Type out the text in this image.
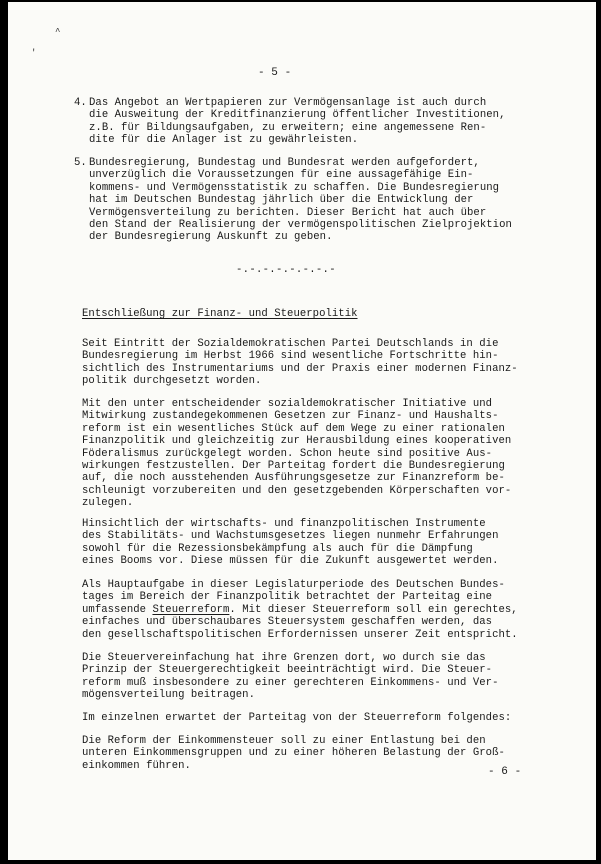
^
'
- 5 -
4. Das Angebot an Wertpapieren zur Vermögensanlage ist auch durch
die Ausweitung der Kreditfinanzierung öffentlicher Investitionen,
z.B. für Bildungsaufgaben, zu erweitern; eine angemessene Ren-
dite für die Anlager ist zu gewährleisten.
5. Bundesregierung, Bundestag und Bundesrat werden aufgefordert,
unverzüglich die Voraussetzungen für eine aussagefähige Ein-
kommens- und Vermögensstatistik zu schaffen. Die Bundesregierung
hat im Deutschen Bundestag jährlich über die Entwicklung der
Vermögensverteilung zu berichten. Dieser Bericht hat auch über
den Stand der Realisierung der vermögenspolitischen Zielprojektion
der Bundesregierung Auskunft zu geben.
-.-.-.-.-.-.-.-
Entschließung zur Finanz- und Steuerpolitik
Seit Eintritt der Sozialdemokratischen Partei Deutschlands in die
Bundesregierung im Herbst 1966 sind wesentliche Fortschritte hin-
sichtlich des Instrumentariums und der Praxis einer modernen Finanz-
politik durchgesetzt worden.
Mit den unter entscheidender sozialdemokratischer Initiative und
Mitwirkung zustandegekommenen Gesetzen zur Finanz- und Haushalts-
reform ist ein wesentliches Stück auf dem Wege zu einer rationalen
Finanzpolitik und gleichzeitig zur Herausbildung eines kooperativen
Föderalismus zurückgelegt worden. Schon heute sind positive Aus-
wirkungen festzustellen. Der Parteitag fordert die Bundesregierung
auf, die noch ausstehenden Ausführungsgesetze zur Finanzreform be-
schleunigt vorzubereiten und den gesetzgebenden Körperschaften vor-
zulegen.
Hinsichtlich der wirtschafts- und finanzpolitischen Instrumente
des Stabilitäts- und Wachstumsgesetzes liegen nunmehr Erfahrungen
sowohl für die Rezessionsbekämpfung als auch für die Dämpfung
eines Booms vor. Diese müssen für die Zukunft ausgewertet werden.
Als Hauptaufgabe in dieser Legislaturperiode des Deutschen Bundes-
tages im Bereich der Finanzpolitik betrachtet der Parteitag eine
umfassende Steuerreform. Mit dieser Steuerreform soll ein gerechtes,
einfaches und überschaubares Steuersystem geschaffen werden, das
den gesellschaftspolitischen Erfordernissen unserer Zeit entspricht.
Die Steuervereinfachung hat ihre Grenzen dort, wo durch sie das
Prinzip der Steuergerechtigkeit beeinträchtigt wird. Die Steuer-
reform muß insbesondere zu einer gerechteren Einkommens- und Ver-
mögensverteilung beitragen.
Im einzelnen erwartet der Parteitag von der Steuerreform folgendes:
Die Reform der Einkommensteuer soll zu einer Entlastung bei den
unteren Einkommensgruppen und zu einer höheren Belastung der Groß-
einkommen führen.
- 6 -
